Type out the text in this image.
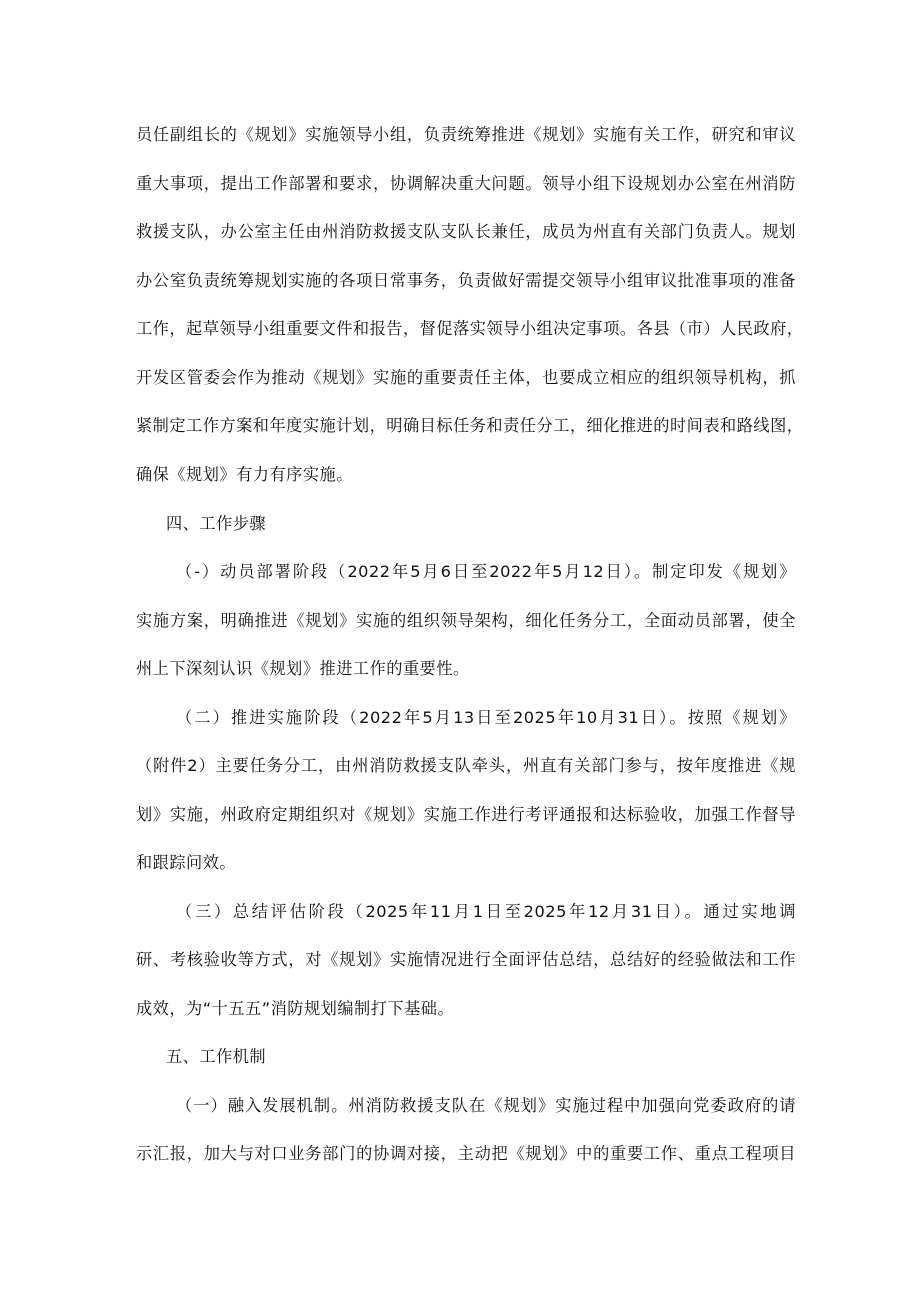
员任副组长的《规划》实施领导小组，负责统筹推进《规划》实施有关工作，研究和审议
重大事项，提出工作部署和要求，协调解决重大问题。领导小组下设规划办公室在州消防
救援支队，办公室主任由州消防救援支队支队长兼任，成员为州直有关部门负责人。规划
办公室负责统筹规划实施的各项日常事务，负责做好需提交领导小组审议批准事项的准备
工作，起草领导小组重要文件和报告，督促落实领导小组决定事项。各县（市）人民政府，
开发区管委会作为推动《规划》实施的重要责任主体，也要成立相应的组织领导机构，抓
紧制定工作方案和年度实施计划，明确目标任务和责任分工，细化推进的时间表和路线图，
确保《规划》有力有序实施。
四、工作步骤
（-）动员部署阶段（2022年5月6日至2022年5月12日）。制定印发《规划》
实施方案，明确推进《规划》实施的组织领导架构，细化任务分工，全面动员部署，使全
州上下深刻认识《规划》推进工作的重要性。
（二）推进实施阶段（2022年5月13日至2025年10月31日）。按照《规划》
（附件2）主要任务分工，由州消防救援支队牵头，州直有关部门参与，按年度推进《规
划》实施，州政府定期组织对《规划》实施工作进行考评通报和达标验收，加强工作督导
和跟踪问效。
（三）总结评估阶段（2025年11月1日至2025年12月31日）。通过实地调
研、考核验收等方式，对《规划》实施情况进行全面评估总结，总结好的经验做法和工作
成效，为“十五五”消防规划编制打下基础。
五、工作机制
（一）融入发展机制。州消防救援支队在《规划》实施过程中加强向党委政府的请
示汇报，加大与对口业务部门的协调对接，主动把《规划》中的重要工作、重点工程项目
